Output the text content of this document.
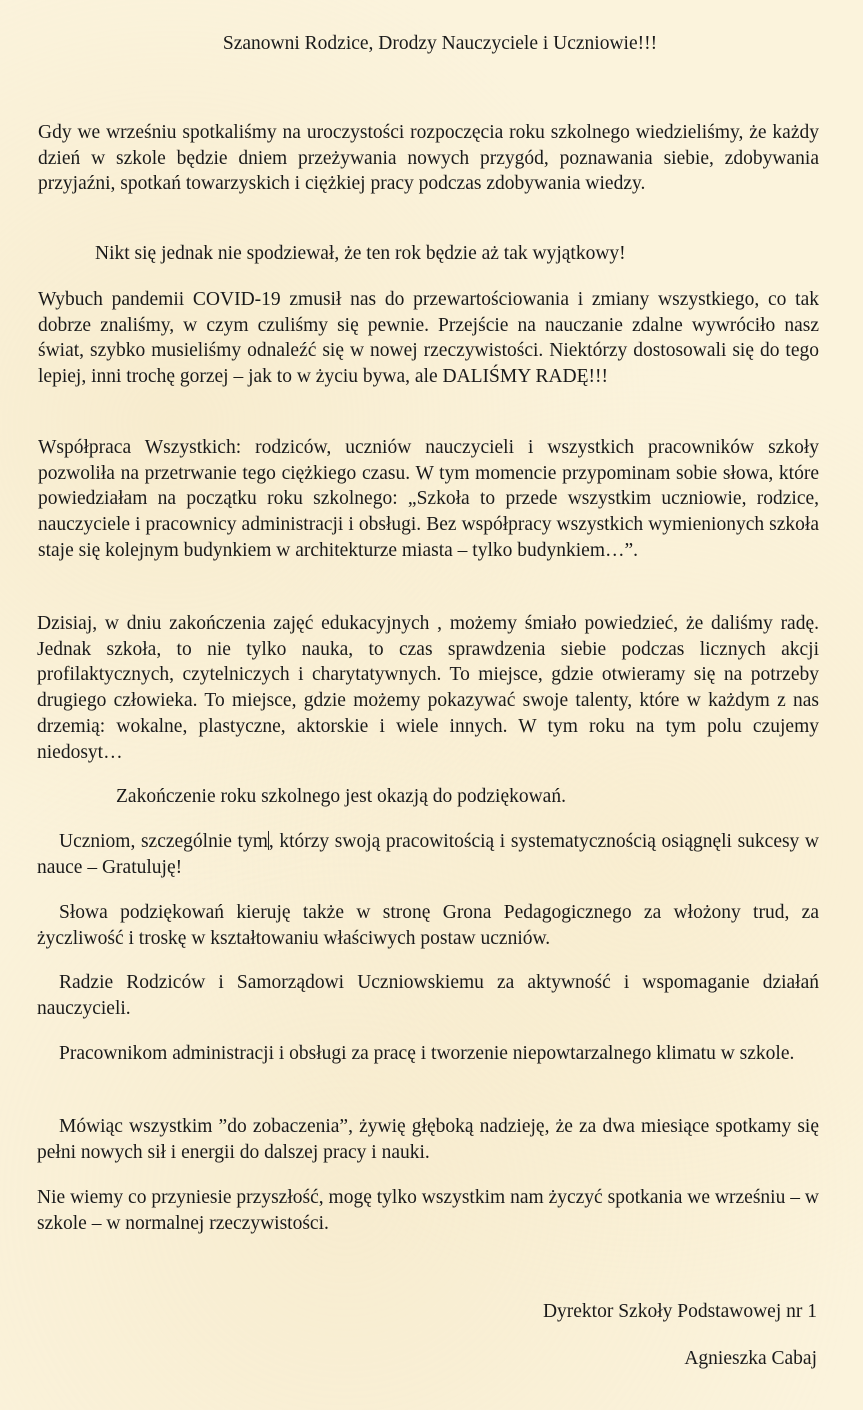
Szanowni Rodzice, Drodzy Nauczyciele i Uczniowie!!!

Gdy we wrześniu spotkaliśmy na uroczystości rozpoczęcia roku szkolnego wiedzieliśmy, że każdy dzień w szkole będzie dniem przeżywania nowych przygód, poznawania siebie, zdobywania przyjaźni, spotkań towarzyskich i ciężkiej pracy podczas zdobywania wiedzy.

Nikt się jednak nie spodziewał, że ten rok będzie aż tak wyjątkowy!

Wybuch pandemii COVID-19 zmusił nas do przewartościowania i zmiany wszystkiego, co tak dobrze znaliśmy, w czym czuliśmy się pewnie. Przejście na nauczanie zdalne wywróciło nasz świat, szybko musieliśmy odnaleźć się w nowej rzeczywistości. Niektórzy dostosowali się do tego lepiej, inni trochę gorzej – jak to w życiu bywa, ale DALIŚMY RADĘ!!!

Współpraca Wszystkich: rodziców, uczniów nauczycieli i wszystkich pracowników szkoły pozwoliła na przetrwanie tego ciężkiego czasu. W tym momencie przypominam sobie słowa, które powiedziałam na początku roku szkolnego: „Szkoła to przede wszystkim uczniowie, rodzice, nauczyciele i pracownicy administracji i obsługi. Bez współpracy wszystkich wymienionych szkoła staje się kolejnym budynkiem w architekturze miasta – tylko budynkiem…”.

Dzisiaj, w dniu zakończenia zajęć edukacyjnych , możemy śmiało powiedzieć, że daliśmy radę. Jednak szkoła, to nie tylko nauka, to czas sprawdzenia siebie podczas licznych akcji profilaktycznych, czytelniczych i charytatywnych. To miejsce, gdzie otwieramy się na potrzeby drugiego człowieka. To miejsce, gdzie możemy pokazywać swoje talenty, które w każdym z nas drzemią: wokalne, plastyczne, aktorskie i wiele innych. W tym roku na tym polu czujemy niedosyt…

Zakończenie roku szkolnego jest okazją do podziękowań.

Uczniom, szczególnie tym, którzy swoją pracowitością i systematycznością osiągnęli sukcesy w nauce – Gratuluję!

Słowa podziękowań kieruję także w stronę Grona Pedagogicznego za włożony trud, za życzliwość i troskę w kształtowaniu właściwych postaw uczniów.

Radzie Rodziców i Samorządowi Uczniowskiemu za aktywność i wspomaganie działań nauczycieli.

Pracownikom administracji i obsługi za pracę i tworzenie niepowtarzalnego klimatu w szkole.

Mówiąc wszystkim ”do zobaczenia”, żywię głęboką nadzieję, że za dwa miesiące spotkamy się pełni nowych sił i energii do dalszej pracy i nauki.

Nie wiemy co przyniesie przyszłość, mogę tylko wszystkim nam życzyć spotkania we wrześniu – w szkole – w normalnej rzeczywistości.

Dyrektor Szkoły Podstawowej nr 1

Agnieszka Cabaj
